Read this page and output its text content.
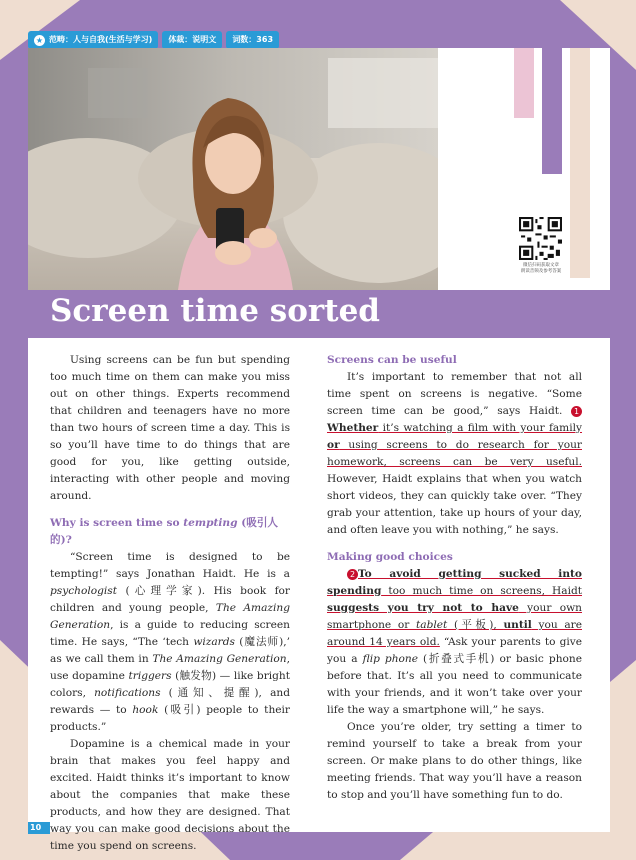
★ 范畴：人与自我(生活与学习)	体裁：说明文	词数：363
微信扫码获取文章
朗读音频及参考答案
Screen time sorted

Using screens can be fun but spending too much time on them can make you miss out on other things. Experts recommend that children and teenagers have no more than two hours of screen time a day. This is so you’ll have time to do things that are good for you, like getting outside, interacting with other people and moving around.

Why is screen time so tempting (吸引人的)?

“Screen time is designed to be tempting!” says Jonathan Haidt. He is a psychologist (心理学家). His book for children and young people, The Amazing Generation, is a guide to reducing screen time. He says, “The ‘tech wizards (魔法师),’ as we call them in The Amazing Generation, use dopamine triggers (触发物) — like bright colors, notifications (通知、提醒), and rewards — to hook (吸引) people to their products.”

Dopamine is a chemical made in your brain that makes you feel happy and excited. Haidt thinks it’s important to know about the companies that make these products, and how they are designed. That way you can make good decisions about the time you spend on screens.

Screens can be useful

It’s important to remember that not all time spent on screens is negative. “Some screen time can be good,” says Haidt. 1Whether it’s watching a film with your family or using screens to do research for your homework, screens can be very useful. However, Haidt explains that when you watch short videos, they can quickly take over. “They grab your attention, take up hours of your day, and often leave you with nothing,” he says.

Making good choices

2 To avoid getting sucked into spending too much time on screens, Haidt suggests you try not to have your own smartphone or tablet (平板), until you are around 14 years old. “Ask your parents to give you a flip phone (折叠式手机) or basic phone before that. It’s all you need to communicate with your friends, and it won’t take over your life the way a smartphone will,” he says.

Once you’re older, try setting a timer to remind yourself to take a break from your screen. Or make plans to do other things, like meeting friends. That way you’ll have a reason to stop and you’ll have something fun to do.

10
